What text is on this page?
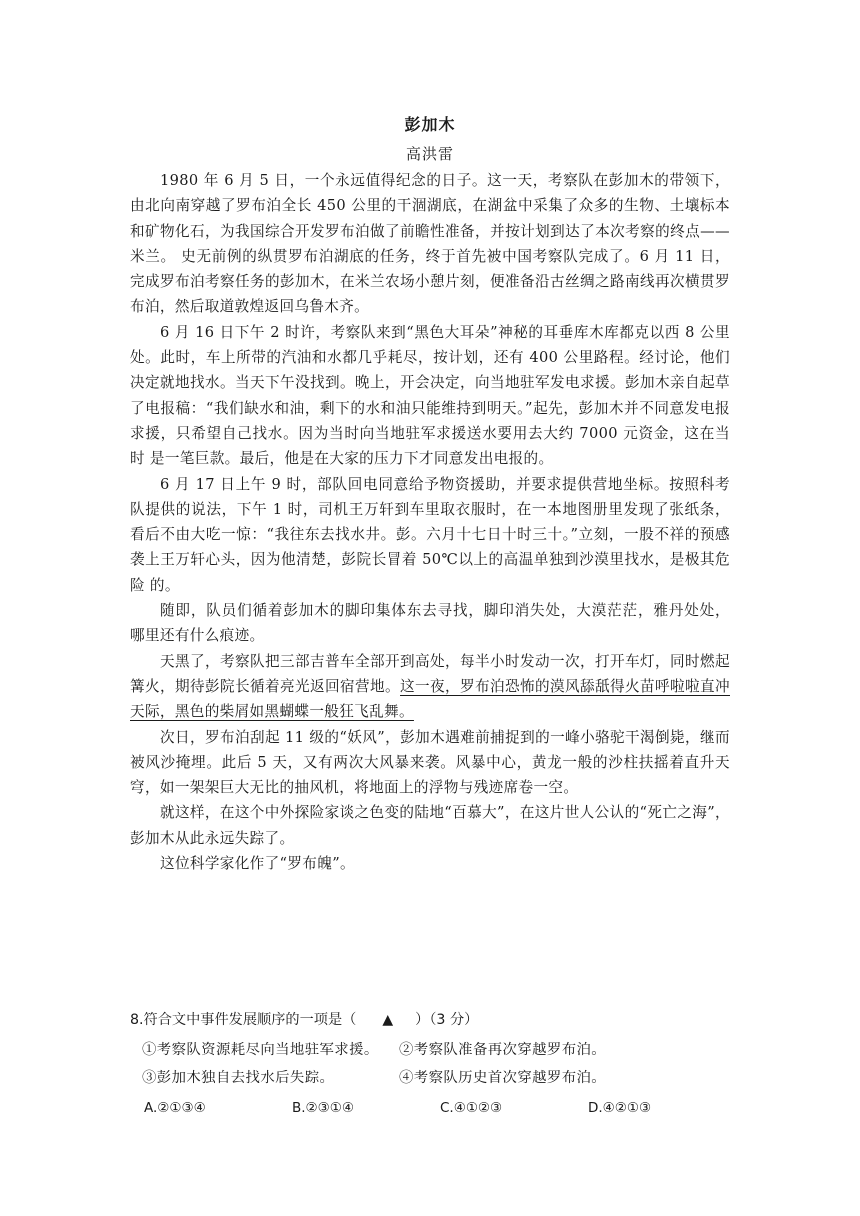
彭加木
高洪雷

1980 年 6 月 5 日，一个永远值得纪念的日子。这一天，考察队在彭加木的带领下，由北向南穿越了罗布泊全长 450 公里的干涸湖底，在湖盆中采集了众多的生物、土壤标本和矿物化石，为我国综合开发罗布泊做了前瞻性准备，并按计划到达了本次考察的终点——米兰。 史无前例的纵贯罗布泊湖底的任务，终于首先被中国考察队完成了。6 月 11 日，完成罗布泊考察任务的彭加木，在米兰农场小憩片刻，便准备沿古丝绸之路南线再次横贯罗布泊，然后取道敦煌返回乌鲁木齐。

6 月 16 日下午 2 时许，考察队来到“黑色大耳朵”神秘的耳垂库木库都克以西 8 公里 处。此时，车上所带的汽油和水都几乎耗尽，按计划，还有 400 公里路程。经讨论，他们决定就地找水。当天下午没找到。晚上，开会决定，向当地驻军发电求援。彭加木亲自起草了电报稿：“我们缺水和油，剩下的水和油只能维持到明天。”起先，彭加木并不同意发电报求援，只希望自己找水。因为当时向当地驻军求援送水要用去大约 7000 元资金，这在当时 是一笔巨款。最后，他是在大家的压力下才同意发出电报的。

6 月 17 日上午 9 时，部队回电同意给予物资援助，并要求提供营地坐标。按照科考队提供的说法，下午 1 时，司机王万轩到车里取衣服时，在一本地图册里发现了张纸条，看后不由大吃一惊：“我往东去找水井。彭。六月十七日十时三十。”立刻，一股不祥的预感袭上王万轩心头，因为他清楚，彭院长冒着 50℃以上的高温单独到沙漠里找水，是极其危险 的。

随即，队员们循着彭加木的脚印集体东去寻找，脚印消失处，大漠茫茫，雅丹处处， 哪里还有什么痕迹。

天黑了，考察队把三部吉普车全部开到高处，每半小时发动一次，打开车灯，同时燃起篝火，期待彭院长循着亮光返回宿营地。这一夜，罗布泊恐怖的漠风舔舐得火苗呼啦啦直冲天际，黑色的柴屑如黑蝴蝶一般狂飞乱舞。

次日，罗布泊刮起 11 级的“妖风”，彭加木遇难前捕捉到的一峰小骆驼干渴倒毙，继而被风沙掩埋。此后 5 天，又有两次大风暴来袭。风暴中心，黄龙一般的沙柱扶摇着直升天穹，如一架架巨大无比的抽风机，将地面上的浮物与残迹席卷一空。

就这样，在这个中外探险家谈之色变的陆地“百慕大”，在这片世人公认的“死亡之海”，彭加木从此永远失踪了。

这位科学家化作了“罗布魄”。

8.符合文中事件发展顺序的一项是（ ▲ ）（3 分）

①考察队资源耗尽向当地驻军求援。	②考察队准备再次穿越罗布泊。
③彭加木独自去找水后失踪。	④考察队历史首次穿越罗布泊。
A.②①③④	B.②③①④	C.④①②③	D.④②①③
